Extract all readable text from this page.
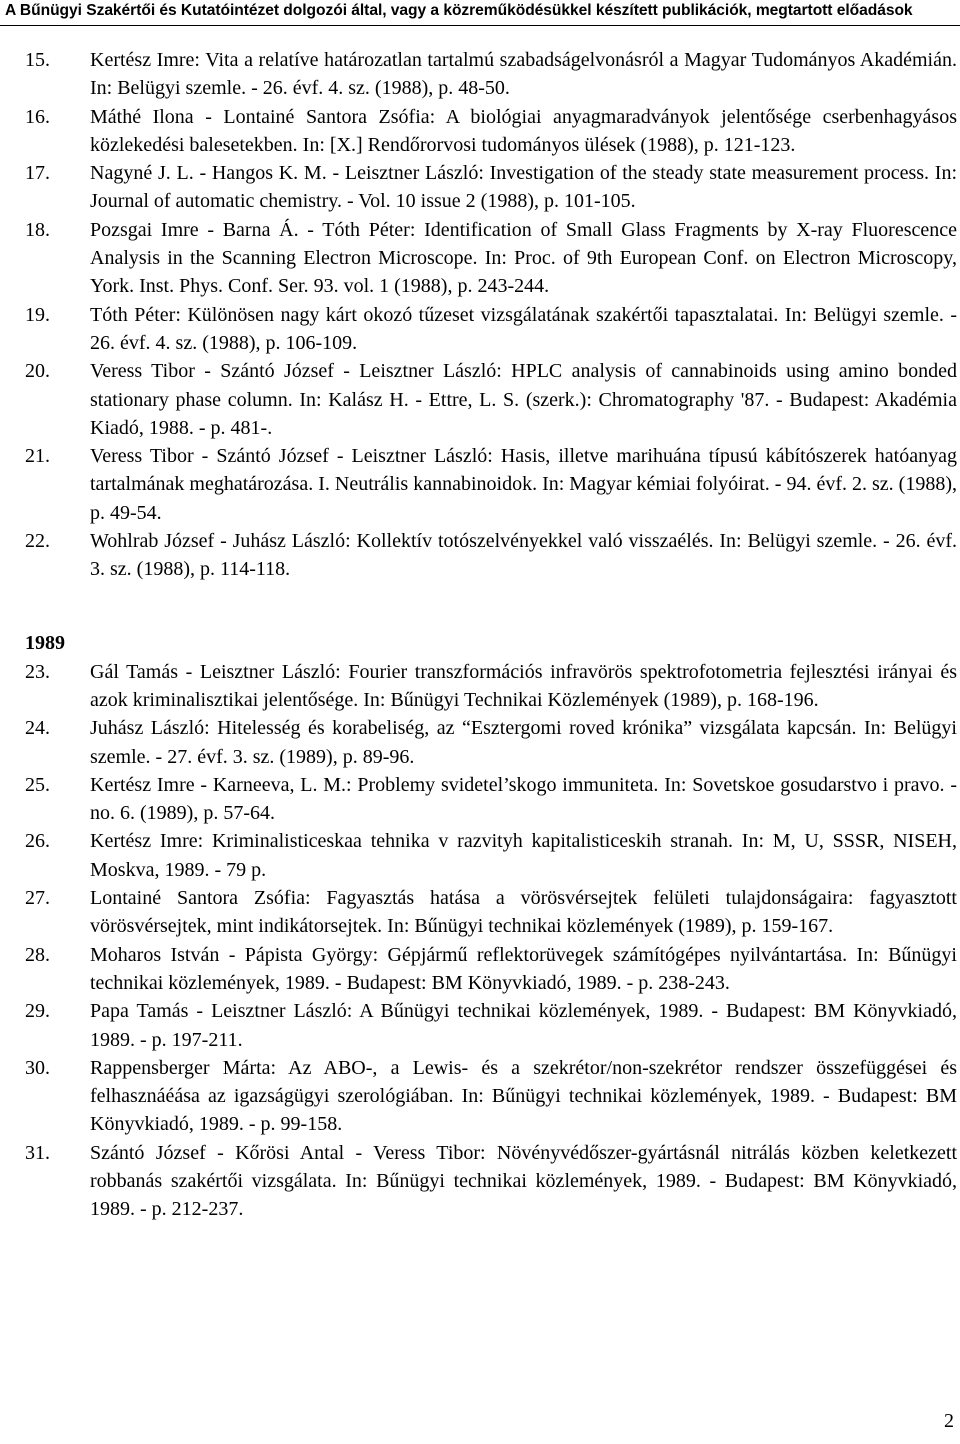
A Bűnügyi Szakértői és Kutatóintézet dolgozói által, vagy a közreműködésükkel készített publikációk, megtartott előadások
15.	Kertész Imre: Vita a relatíve határozatlan tartalmú szabadságelvonásról a Magyar Tudományos Akadémián. In: Belügyi szemle. - 26. évf. 4. sz. (1988), p. 48-50.
16.	Máthé Ilona - Lontainé Santora Zsófia: A biológiai anyagmaradványok jelentősége cserbenhagyásos közlekedési balesetekben. In: [X.] Rendőrorvosi tudományos ülések (1988), p. 121-123.
17.	Nagyné J. L. - Hangos K. M. - Leisztner László: Investigation of the steady state measurement process. In: Journal of automatic chemistry. - Vol. 10 issue 2 (1988), p. 101-105.
18.	Pozsgai Imre - Barna Á. - Tóth Péter: Identification of Small Glass Fragments by X-ray Fluorescence Analysis in the Scanning Electron Microscope. In: Proc. of 9th European Conf. on Electron Microscopy, York. Inst. Phys. Conf. Ser. 93. vol. 1 (1988), p. 243-244.
19.	Tóth Péter: Különösen nagy kárt okozó tűzeset vizsgálatának szakértői tapasztalatai. In: Belügyi szemle. - 26. évf. 4. sz. (1988), p. 106-109.
20.	Veress Tibor - Szántó József - Leisztner László: HPLC analysis of cannabinoids using amino bonded stationary phase column. In: Kalász H. - Ettre, L. S. (szerk.): Chromatography '87. - Budapest: Akadémia Kiadó, 1988. - p. 481-.
21.	Veress Tibor - Szántó József - Leisztner László: Hasis, illetve marihuána típusú kábítószerek hatóanyag tartalmának meghatározása. I. Neutrális kannabinoidok. In: Magyar kémiai folyóirat. - 94. évf. 2. sz. (1988), p. 49-54.
22.	Wohlrab József - Juhász László: Kollektív totószelvényekkel való visszaélés. In: Belügyi szemle. - 26. évf. 3. sz. (1988), p. 114-118.
1989
23.	Gál Tamás - Leisztner László: Fourier transzformációs infravörös spektrofotometria fejlesztési irányai és azok kriminalisztikai jelentősége. In: Bűnügyi Technikai Közlemények (1989), p. 168-196.
24.	Juhász László: Hitelesség és korabeliség, az “Esztergomi roved krónika” vizsgálata kapcsán. In: Belügyi szemle. - 27. évf. 3. sz. (1989), p. 89-96.
25.	Kertész Imre - Karneeva, L. M.: Problemy svidetel’skogo immuniteta. In: Sovetskoe gosudarstvo i pravo. - no. 6. (1989), p. 57-64.
26.	Kertész Imre: Kriminalisticeskaa tehnika v razvityh kapitalisticeskih stranah. In: M, U, SSSR, NISEH, Moskva, 1989. - 79 p.
27.	Lontainé Santora Zsófia: Fagyasztás hatása a vörösvérsejtek felületi tulajdonságaira: fagyasztott vörösvérsejtek, mint indikátorsejtek. In: Bűnügyi technikai közlemények (1989), p. 159-167.
28.	Moharos István - Pápista György: Gépjármű reflektorüvegek számítógépes nyilvántartása. In: Bűnügyi technikai közlemények, 1989. - Budapest: BM Könyvkiadó, 1989. - p. 238-243.
29.	Papa Tamás - Leisztner László: A Bűnügyi technikai közlemények, 1989. - Budapest: BM Könyvkiadó, 1989. - p. 197-211.
30.	Rappensberger Márta: Az ABO-, a Lewis- és a szekrétor/non-szekrétor rendszer összefüggései és felhasznáéása az igazságügyi szerológiában. In: Bűnügyi technikai közlemények, 1989. - Budapest: BM Könyvkiadó, 1989. - p. 99-158.
31.	Szántó József - Kőrösi Antal - Veress Tibor: Növényvédőszer-gyártásnál nitrálás közben keletkezett robbanás szakértői vizsgálata. In: Bűnügyi technikai közlemények, 1989. - Budapest: BM Könyvkiadó, 1989. - p. 212-237.
2
